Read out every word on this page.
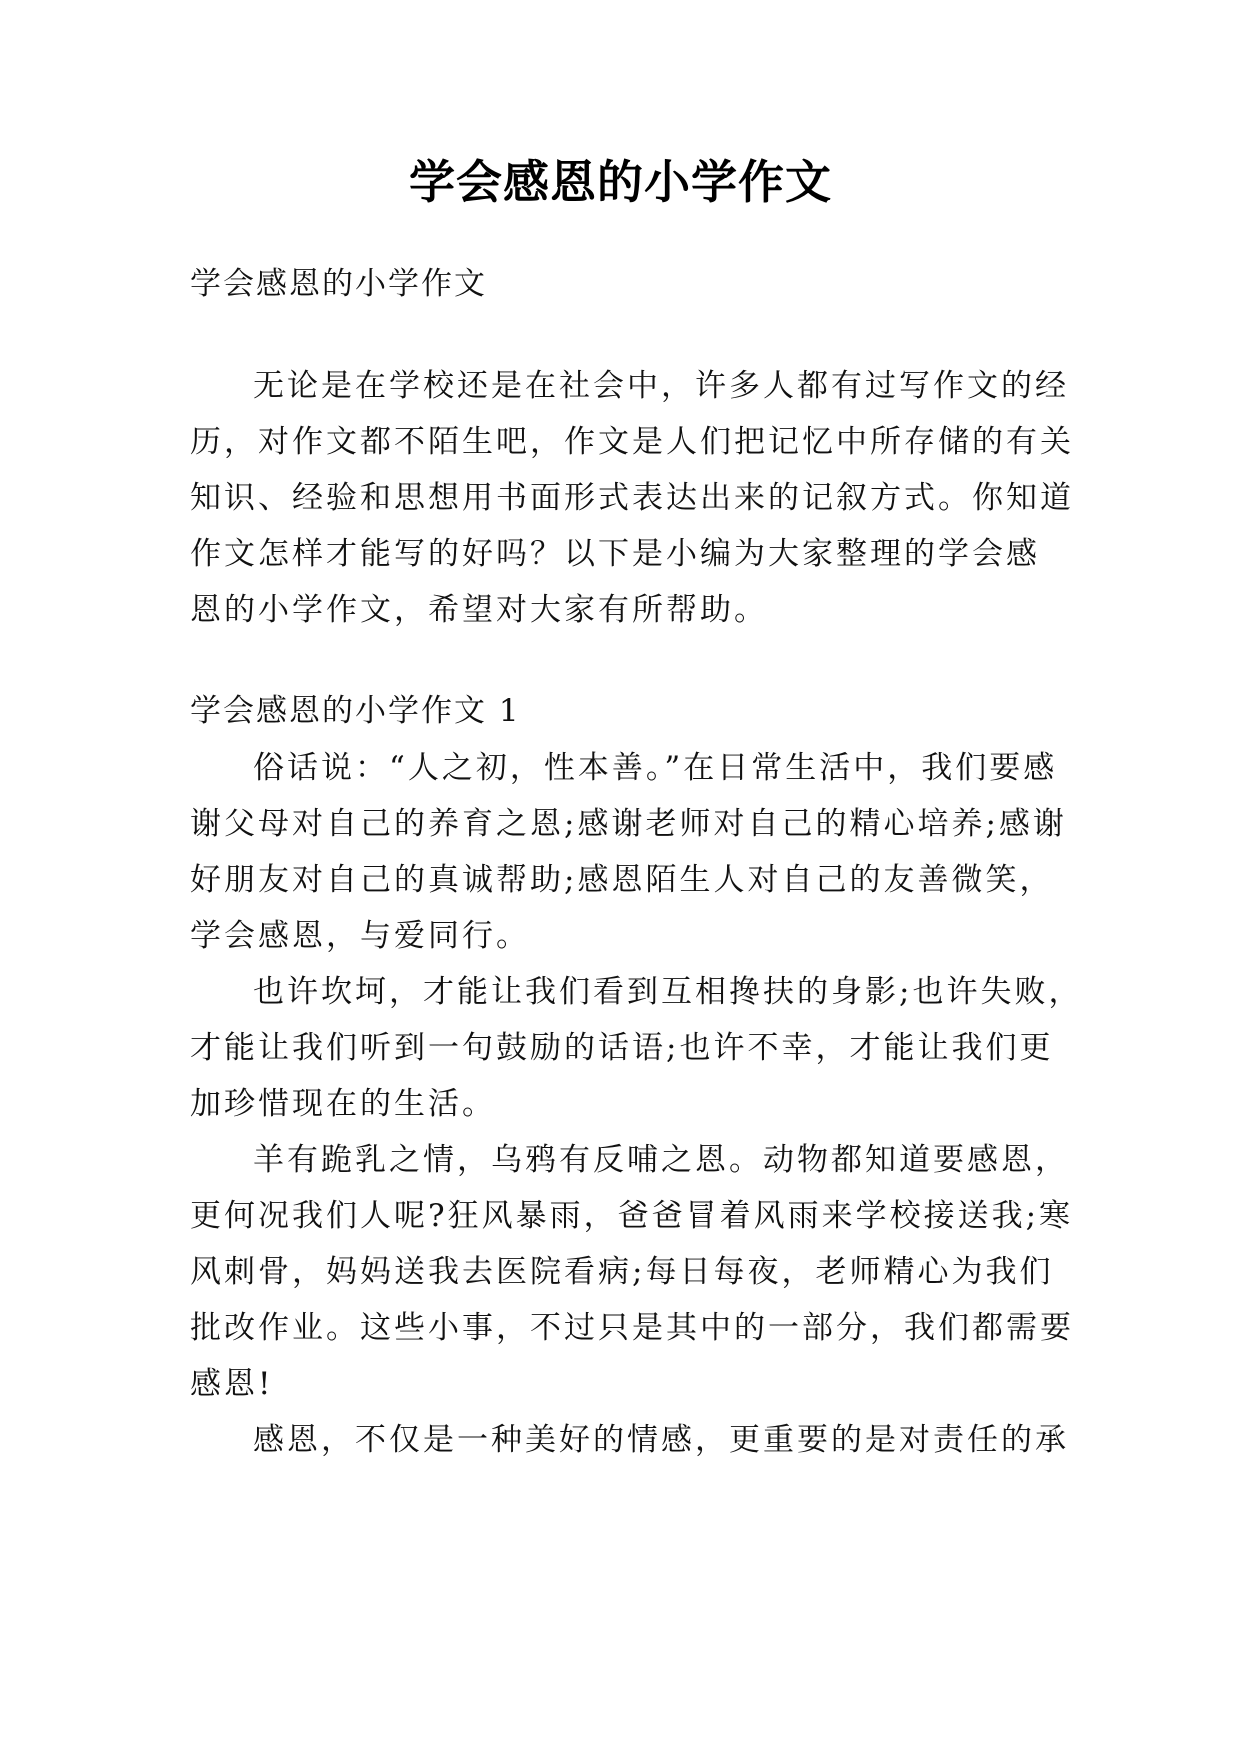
学会感恩的小学作文
学会感恩的小学作文
无论是在学校还是在社会中，许多人都有过写作文的经
历，对作文都不陌生吧，作文是人们把记忆中所存储的有关
知识、经验和思想用书面形式表达出来的记叙方式。你知道
作文怎样才能写的好吗？以下是小编为大家整理的学会感
恩的小学作文，希望对大家有所帮助。
学会感恩的小学作文 1
俗话说：“人之初，性本善。”在日常生活中，我们要感
谢父母对自己的养育之恩;感谢老师对自己的精心培养;感谢
好朋友对自己的真诚帮助;感恩陌生人对自己的友善微笑，
学会感恩，与爱同行。
也许坎坷，才能让我们看到互相搀扶的身影;也许失败，
才能让我们听到一句鼓励的话语;也许不幸，才能让我们更
加珍惜现在的生活。
羊有跪乳之情，乌鸦有反哺之恩。动物都知道要感恩，
更何况我们人呢?狂风暴雨，爸爸冒着风雨来学校接送我;寒
风刺骨，妈妈送我去医院看病;每日每夜，老师精心为我们
批改作业。这些小事，不过只是其中的一部分，我们都需要
感恩!
感恩，不仅是一种美好的情感，更重要的是对责任的承
